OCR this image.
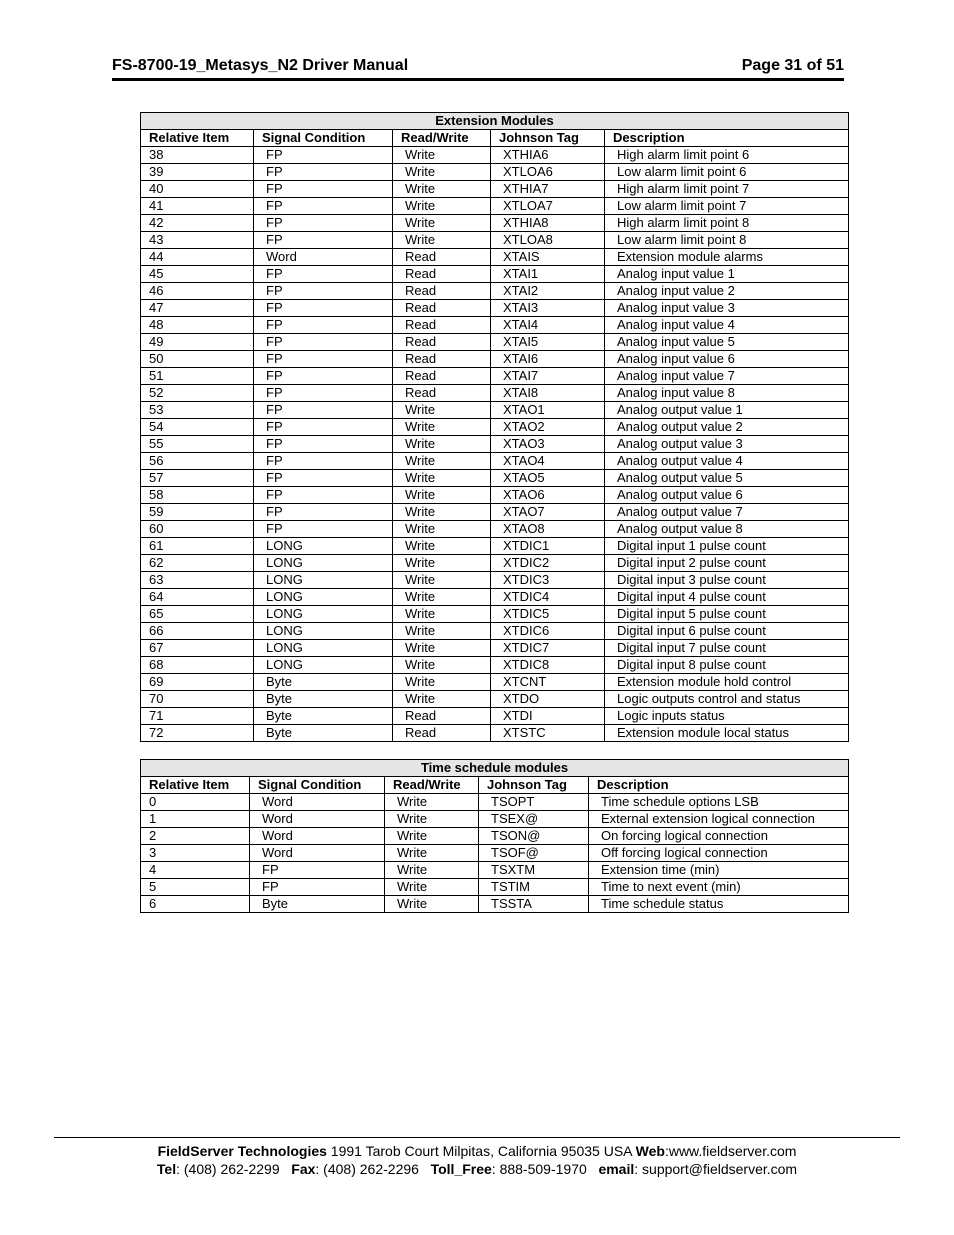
FS-8700-19_Metasys_N2 Driver Manual	Page 31 of 51
Extension Modules				
Relative Item	Signal Condition	Read/Write	Johnson Tag	Description
38	FP	Write	XTHIA6	High alarm limit point 6
39	FP	Write	XTLOA6	Low alarm limit point 6
40	FP	Write	XTHIA7	High alarm limit point 7
41	FP	Write	XTLOA7	Low alarm limit point 7
42	FP	Write	XTHIA8	High alarm limit point 8
43	FP	Write	XTLOA8	Low alarm limit point 8
44	Word	Read	XTAIS	Extension module alarms
45	FP	Read	XTAI1	Analog input value 1
46	FP	Read	XTAI2	Analog input value 2
47	FP	Read	XTAI3	Analog input value 3
48	FP	Read	XTAI4	Analog input value 4
49	FP	Read	XTAI5	Analog input value 5
50	FP	Read	XTAI6	Analog input value 6
51	FP	Read	XTAI7	Analog input value 7
52	FP	Read	XTAI8	Analog input value 8
53	FP	Write	XTAO1	Analog output value 1
54	FP	Write	XTAO2	Analog output value 2
55	FP	Write	XTAO3	Analog output value 3
56	FP	Write	XTAO4	Analog output value 4
57	FP	Write	XTAO5	Analog output value 5
58	FP	Write	XTAO6	Analog output value 6
59	FP	Write	XTAO7	Analog output value 7
60	FP	Write	XTAO8	Analog output value 8
61	LONG	Write	XTDIC1	Digital input 1 pulse count
62	LONG	Write	XTDIC2	Digital input 2 pulse count
63	LONG	Write	XTDIC3	Digital input 3 pulse count
64	LONG	Write	XTDIC4	Digital input 4 pulse count
65	LONG	Write	XTDIC5	Digital input 5 pulse count
66	LONG	Write	XTDIC6	Digital input 6 pulse count
67	LONG	Write	XTDIC7	Digital input 7 pulse count
68	LONG	Write	XTDIC8	Digital input 8 pulse count
69	Byte	Write	XTCNT	Extension module hold control
70	Byte	Write	XTDO	Logic outputs control and status
71	Byte	Read	XTDI	Logic inputs status
72	Byte	Read	XTSTC	Extension module local status
Time schedule modules				
Relative Item	Signal Condition	Read/Write	Johnson Tag	Description
0	Word	Write	TSOPT	Time schedule options LSB
1	Word	Write	TSEX@	External extension logical connection
2	Word	Write	TSON@	On forcing logical connection
3	Word	Write	TSOF@	Off forcing logical connection
4	FP	Write	TSXTM	Extension time (min)
5	FP	Write	TSTIM	Time to next event (min)
6	Byte	Write	TSSTA	Time schedule status
FieldServer Technologies 1991 Tarob Court Milpitas, California 95035 USA Web:www.fieldserver.com
Tel: (408) 262-2299   Fax: (408) 262-2296   Toll_Free: 888-509-1970   email: support@fieldserver.com
